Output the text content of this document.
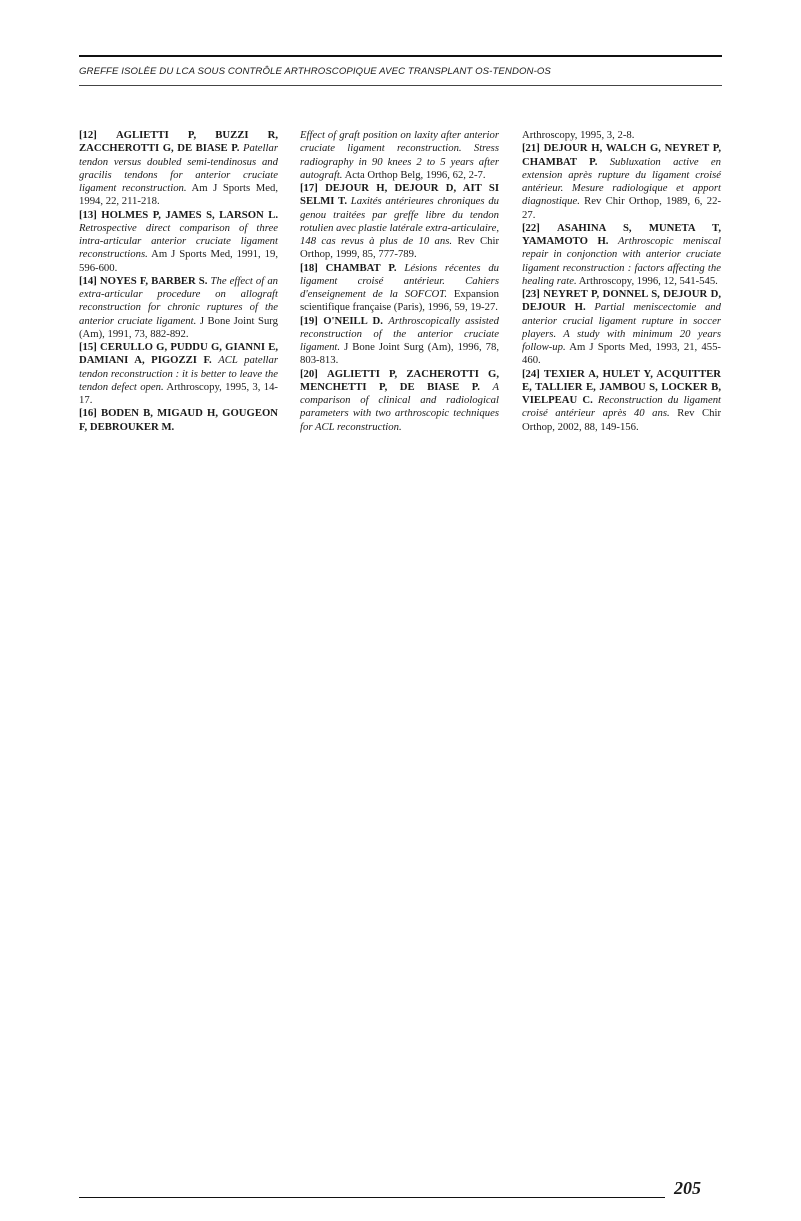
GREFFE ISOLÈE DU LCA SOUS CONTRÔLE ARTHROSCOPIQUE AVEC TRANSPLANT OS-TENDON-OS

[12] AGLIETTI P, BUZZI R, ZACCHEROTTI G, DE BIASE P. Patellar tendon versus doubled semi-tendinosus and gracilis tendons for anterior cruciate ligament reconstruction. Am J Sports Med, 1994, 22, 211-218.

[13] HOLMES P, JAMES S, LARSON L. Retrospective direct comparison of three intra-articular anterior cruciate ligament reconstructions. Am J Sports Med, 1991, 19, 596-600.

[14] NOYES F, BARBER S. The effect of an extra-articular procedure on allograft reconstruction for chronic ruptures of the anterior cruciate ligament. J Bone Joint Surg (Am), 1991, 73, 882-892.

[15] CERULLO G, PUDDU G, GIANNI E, DAMIANI A, PIGOZZI F. ACL patellar tendon reconstruction : it is better to leave the tendon defect open. Arthroscopy, 1995, 3, 14-17.

[16] BODEN B, MIGAUD H, GOUGEON F, DEBROUKER M.

Effect of graft position on laxity after anterior cruciate ligament reconstruction. Stress radiography in 90 knees 2 to 5 years after autograft. Acta Orthop Belg, 1996, 62, 2-7.

[17] DEJOUR H, DEJOUR D, AIT SI SELMI T. Laxités antérieures chroniques du genou traitées par greffe libre du tendon rotulien avec plastie latérale extra-articulaire, 148 cas revus à plus de 10 ans. Rev Chir Orthop, 1999, 85, 777-789.

[18] CHAMBAT P. Lésions récentes du ligament croisé antérieur. Cahiers d'enseignement de la SOFCOT. Expansion scientifique française (Paris), 1996, 59, 19-27.

[19] O'NEILL D. Arthroscopically assisted reconstruction of the anterior cruciate ligament. J Bone Joint Surg (Am), 1996, 78, 803-813.

[20] AGLIETTI P, ZACHEROTTI G, MENCHETTI P, DE BIASE P. A comparison of clinical and radiological parameters with two arthroscopic techniques for ACL reconstruction.

Arthroscopy, 1995, 3, 2-8.

[21] DEJOUR H, WALCH G, NEYRET P, CHAMBAT P. Subluxation active en extension après rupture du ligament croisé antérieur. Mesure radiologique et apport diagnostique. Rev Chir Orthop, 1989, 6, 22-27.

[22] ASAHINA S, MUNETA T, YAMAMOTO H. Arthroscopic meniscal repair in conjonction with anterior cruciate ligament reconstruction : factors affecting the healing rate. Arthroscopy, 1996, 12, 541-545.

[23] NEYRET P, DONNEL S, DEJOUR D, DEJOUR H. Partial meniscectomie and anterior crucial ligament rupture in soccer players. A study with minimum 20 years follow-up. Am J Sports Med, 1993, 21, 455-460.

[24] TEXIER A, HULET Y, ACQUITTER E, TALLIER E, JAMBOU S, LOCKER B, VIELPEAU C. Reconstruction du ligament croisé antérieur après 40 ans. Rev Chir Orthop, 2002, 88, 149-156.

205
